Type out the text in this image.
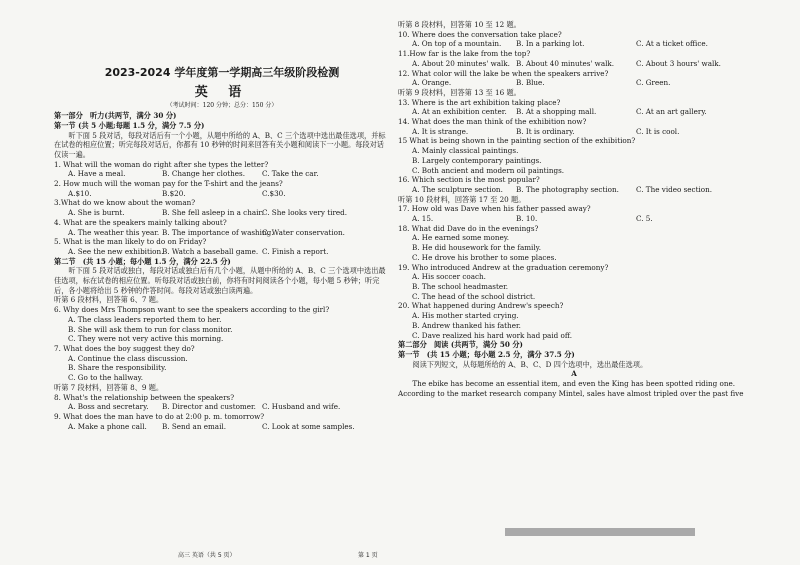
2023-2024 学年度第一学期高三年级阶段检测
英 语
（考试时间：120 分钟；总分：150 分）
第一部分　听力(共两节，满分 30 分)
第一节 (共 5 小题;每题 1.5 分，满分 7.5 分)
听下面 5 段对话，每段对话后有一个小题，从题中所给的 A、B、C 三个选项中选出最佳选项，并标在试卷的相应位置；听完每段对话后，你都有 10 秒钟的时间来回答有关小题和阅读下一小题。每段对话仅读一遍。
1. What will the woman do right after she types the letter?
A. Have a meal.	B. Change her clothes.	C. Take the car.
2. How much will the woman pay for the T-shirt and the jeans?
A.$10.	B.$20.	C.$30.
3.What do we know about the woman?
A. She is burnt.	B. She fell asleep in a chair.
C. She looks very tired.
4. What are the speakers mainly talking about?
A. The weather this year. B. The importance of washing.
C. Water conservation.
5. What is the man likely to do on Friday?
A. See the new exhibition.
B. Watch a baseball game. C. Finish a report.
第二节　(共 15 小题；每小题 1.5 分，满分 22.5 分)
听下面 5 段对话或独白，每段对话或独白后有几个小题，从题中所给的 A、B、C 三个选项中选出最佳选项，标在试卷的相应位置。听每段对话或独白前，你将有时间阅读各个小题，每小题 5 秒钟；听完后，各小题将给出 5 秒钟的作答时间。每段对话或独白读两遍。
听第 6 段材料，回答第 6、7 题。
6. Why does Mrs Thompson want to see the speakers according to the girl?
A. The class leaders reported them to her.
B. She will ask them to run for class monitor.
C. They were not very active this morning.
7. What does the boy suggest they do?
A. Continue the class discussion.
B. Share the responsibility.
C. Go to the hallway.
听第 7 段材料，回答第 8、9 题。
8. What's the relationship between the speakers?
A. Boss and secretary.	B. Director and customer. C. Husband and wife.
9. What does the man have to do at 2:00 p. m. tomorrow?
A. Make a phone call.	B. Send an email.	C. Look at some samples.
听第 8 段材料，回答第 10 至 12 题。
10. Where does the conversation take place?
A. On top of a mountain.	B. In a parking lot.	C. At a ticket office.
11.How far is the lake from the top?
A. About 20 minutes' walk. B. About 40 minutes' walk.	C. About 3 hours' walk.
12. What color will the lake be when the speakers arrive?
A. Orange.	B. Blue.	C. Green.
听第 9 段材料，回答第 13 至 16 题。
13. Where is the art exhibition taking place?
A. At an exhibition center.	B. At a shopping mall.	C. At an art gallery.
14. What does the man think of the exhibition now?
A. It is strange.	B. It is ordinary.	C. It is cool.
15 What is being shown in the painting section of the exhibition?
A. Mainly classical paintings.
B. Largely contemporary paintings.
C. Both ancient and modern oil paintings.
16. Which section is the most popular?
A. The sculpture section.	B. The photography section.	C. The video section.
听第 10 段材料，回答第 17 至 20 题。
17. How old was Dave when his father passed away?
A. 15.	B. 10.	C. 5.
18. What did Dave do in the evenings?
A. He earned some money.
B. He did housework for the family.
C. He drove his brother to some places.
19. Who introduced Andrew at the graduation ceremony?
A. His soccer coach.
B. The school headmaster.
C. The head of the school district.
20. What happened during Andrew's speech?
A. His mother started crying.
B. Andrew thanked his father.
C. Dave realized his hard work had paid off.
第二部分　阅读 (共两节，满分 50 分)
第一节　(共 15 小题；每小题 2.5 分，满分 37.5 分)
阅读下列短文，从每题所给的 A、B、C、D 四个选项中，选出最佳选项。
A
The ebike has become an essential item, and even the King has been spotted riding one.
According to the market research company Mintel, sales have almost tripled over the past five
高三 英语（共 5 页）	第 1 页
